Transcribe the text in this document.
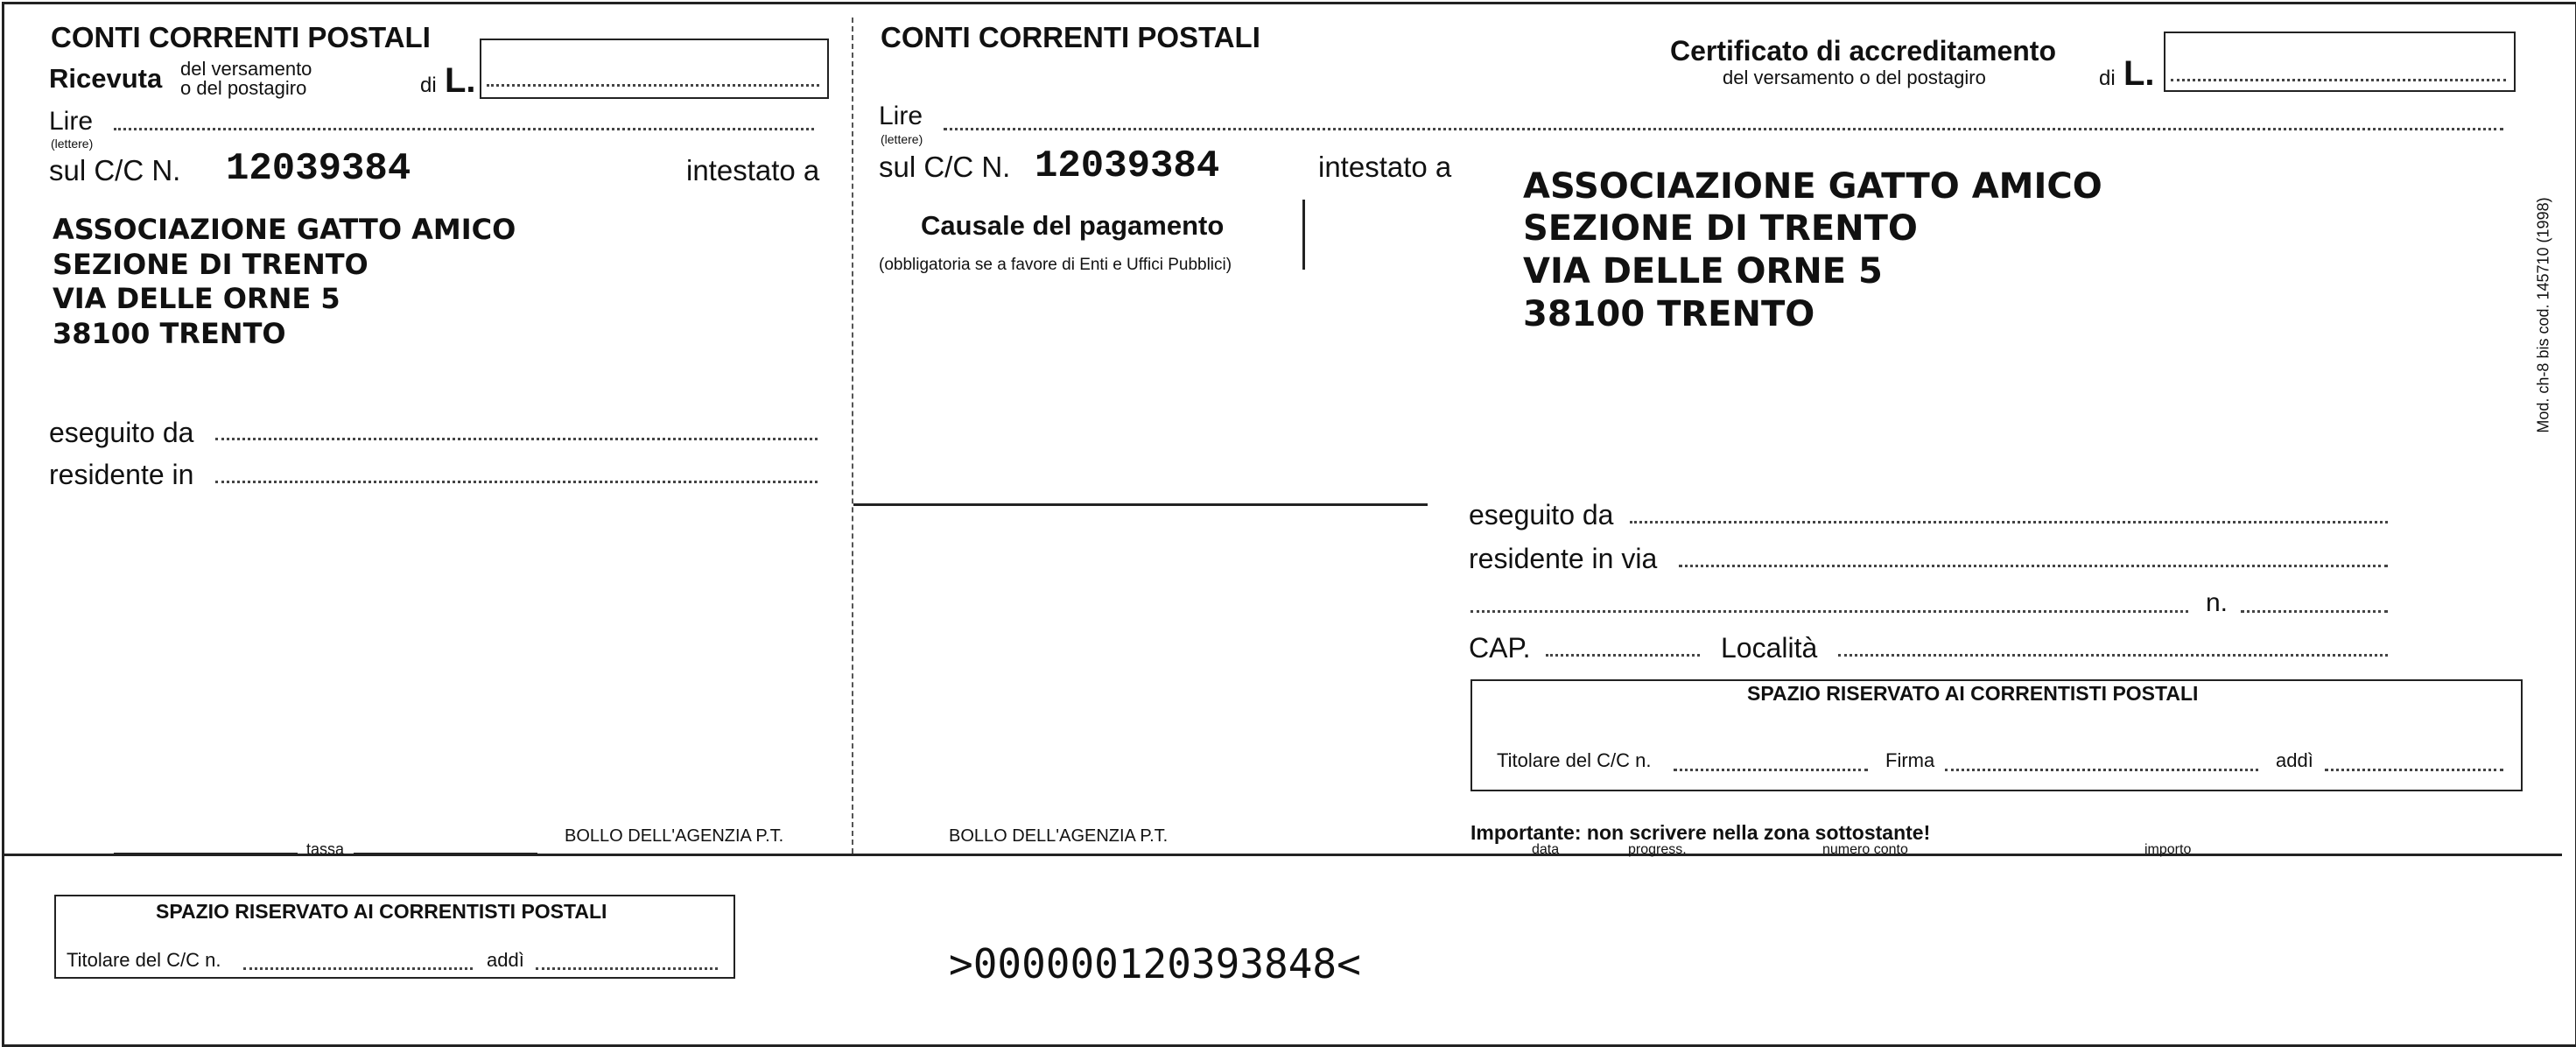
CONTI CORRENTI POSTALI
Ricevuta del versamento
o del postagiro	di L.
Lire
(lettere)
sul C/C N. 12039384	intestato a
ASSOCIAZIONE GATTO AMICO
SEZIONE DI TRENTO
VIA DELLE ORNE 5
38100 TRENTO
eseguito da
residente in
tassa
BOLLO DELL'AGENZIA P.T.
CONTI CORRENTI POSTALI
Lire
(lettere)
sul C/C N. 12039384	intestato a
Causale del pagamento
(obbligatoria se a favore di Enti e Uffici Pubblici)
BOLLO DELL'AGENZIA P.T.
Certificato di accreditamento
del versamento o del postagiro	di L.
ASSOCIAZIONE GATTO AMICO
SEZIONE DI TRENTO
VIA DELLE ORNE 5
38100 TRENTO	Mod. ch-8 bis cod. 145710 (1998)
eseguito da
residente in via
n.
CAP.	Località
SPAZIO RISERVATO AI CORRENTISTI POSTALI
Titolare del C/C n.	Firma	addì
Importante: non scrivere nella zona sottostante!
data	progress.	numero conto	importo
SPAZIO RISERVATO AI CORRENTISTI POSTALI
Titolare del C/C n.	addì	>000000120393848<
